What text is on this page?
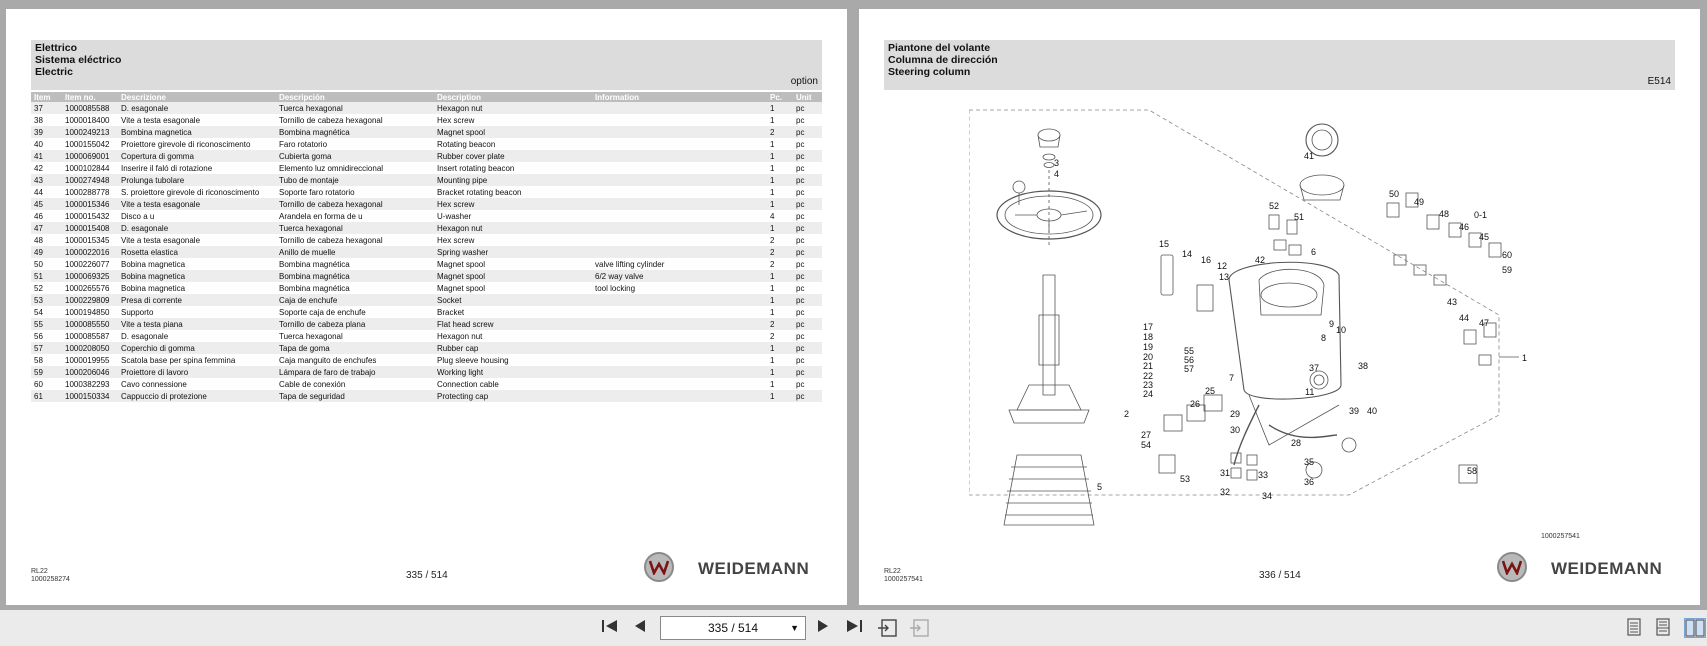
Elettrico
Sistema eléctrico
Electric
option
Item	Item no.	Descrizione	Descripción	Description	Information	Pc.	Unit
37	1000085588	D. esagonale	Tuerca hexagonal	Hexagon nut		1	pc
38	1000018400	Vite a testa esagonale	Tornillo de cabeza hexagonal	Hex screw		1	pc
39	1000249213	Bombina magnetica	Bombina magnética	Magnet spool		2	pc
40	1000155042	Proiettore girevole di riconoscimento	Faro rotatorio	Rotating beacon		1	pc
41	1000069001	Copertura di gomma	Cubierta goma	Rubber cover plate		1	pc
42	1000102844	Inserire il faló di rotazione	Elemento luz omnidireccional	Insert rotating beacon		1	pc
43	1000274948	Prolunga tubolare	Tubo de montaje	Mounting pipe		1	pc
44	1000288778	S. proiettore girevole di riconoscimento	Soporte faro rotatorio	Bracket rotating beacon		1	pc
45	1000015346	Vite a testa esagonale	Tornillo de cabeza hexagonal	Hex screw		1	pc
46	1000015432	Disco a u	Arandela en forma de u	U-washer		4	pc
47	1000015408	D. esagonale	Tuerca hexagonal	Hexagon nut		1	pc
48	1000015345	Vite a testa esagonale	Tornillo de cabeza hexagonal	Hex screw		2	pc
49	1000022016	Rosetta elastica	Anillo de muelle	Spring washer		2	pc
50	1000226077	Bobina magnetica	Bombina magnética	Magnet spool	valve lifting cylinder	2	pc
51	1000069325	Bobina magnetica	Bombina magnética	Magnet spool	6/2 way valve	1	pc
52	1000265576	Bobina magnetica	Bombina magnética	Magnet spool	tool locking	1	pc
53	1000229809	Presa di corrente	Caja de enchufe	Socket		1	pc
54	1000194850	Supporto	Soporte caja de enchufe	Bracket		1	pc
55	1000085550	Vite a testa piana	Tornillo de cabeza plana	Flat head screw		2	pc
56	1000085587	D. esagonale	Tuerca hexagonal	Hexagon nut		2	pc
57	1000208050	Coperchio di gomma	Tapa de goma	Rubber cap		1	pc
58	1000019955	Scatola base per spina femmina	Caja manguito de enchufes	Plug sleeve housing		1	pc
59	1000206046	Proiettore di lavoro	Lámpara de faro de trabajo	Working light		1	pc
60	1000382293	Cavo connessione	Cable de conexión	Connection cable		1	pc
61	1000150334	Cappuccio di protezione	Tapa de seguridad	Protecting cap		1	pc
RL22
1000258274	335 / 514	WEIDEMANN
Piantone del volante
Columna de dirección
Steering column
E514
1
2
3
4
5
6
7
8
9
10
11
12
13
14
15
16
17
18
19
20
21
22
23
24	25
26
27
28
29
30
31
32
33
34
35
36
37	38
39 40
41
42
43
44
45
46
47
48
49
50
51
52
53
54
55
56
57
58
59
60
0-1
1000257541
RL22
1000257541	336 / 514	WEIDEMANN
335 / 514	▼
